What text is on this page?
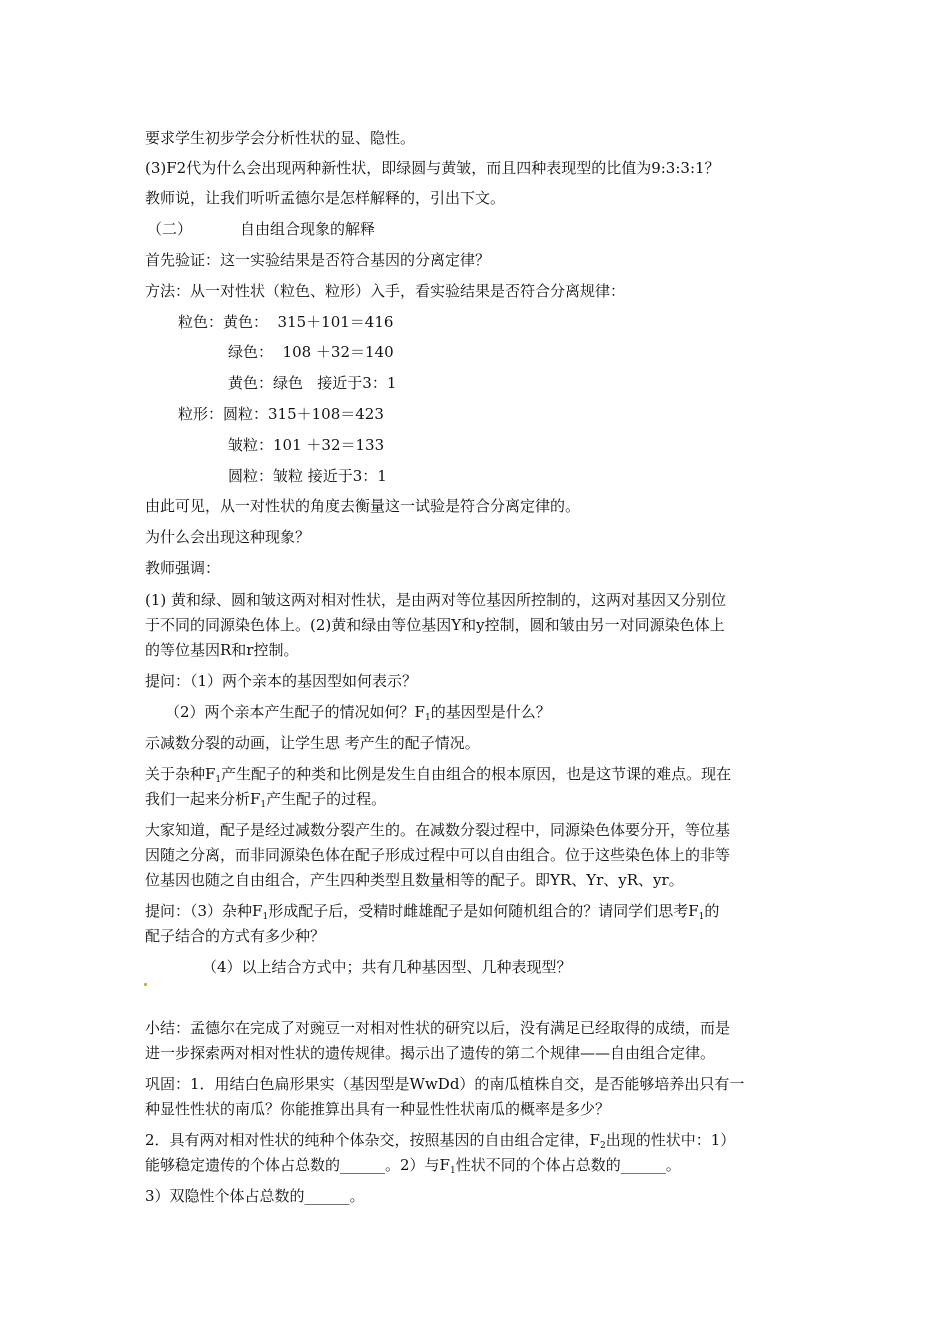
要求学生初步学会分析性状的显、隐性。
(3)F2代为什么会出现两种新性状，即绿圆与黄皱，而且四种表现型的比值为9:3:3:1？
教师说，让我们听听孟德尔是怎样解释的，引出下文。
（二）	自由组合现象的解释
首先验证：这一实验结果是否符合基因的分离定律？
方法：从一对性状（粒色、粒形）入手，看实验结果是否符合分离规律：
粒色：黄色：  315＋101＝416
绿色：  108 ＋32＝140
黄色：绿色   接近于3：1
粒形：圆粒：315＋108＝423
皱粒：101 ＋32＝133
圆粒：皱粒 接近于3：1
由此可见，从一对性状的角度去衡量这一试验是符合分离定律的。
为什么会出现这种现象？
教师强调：
(1) 黄和绿、圆和皱这两对相对性状，是由两对等位基因所控制的，这两对基因又分别位
于不同的同源染色体上。(2)黄和绿由等位基因Y和y控制，圆和皱由另一对同源染色体上
的等位基因R和r控制。
提问：（1）两个亲本的基因型如何表示？
（2）两个亲本产生配子的情况如何？$F_1$的基因型是什么？
示减数分裂的动画，让学生思 考产生的配子情况。
关于杂种$F_1$产生配子的种类和比例是发生自由组合的根本原因，也是这节课的难点。现在
我们一起来分析$F_1$产生配子的过程。
大家知道，配子是经过减数分裂产生的。在减数分裂过程中，同源染色体要分开，等位基
因随之分离，而非同源染色体在配子形成过程中可以自由组合。位于这些染色体上的非等
位基因也随之自由组合，产生四种类型且数量相等的配子。即YR、Yr、yR、yr。
提问：（3）杂种$F_1$形成配子后，受精时雌雄配子是如何随机组合的？请同学们思考$F_1$的
配子结合的方式有多少种？
（4）以上结合方式中；共有几种基因型、几种表现型？
小结：孟德尔在完成了对豌豆一对相对性状的研究以后，没有满足已经取得的成绩，而是
进一步探索两对相对性状的遗传规律。揭示出了遗传的第二个规律——自由组合定律。
巩固：1．用结白色扁形果实（基因型是WwDd）的南瓜植株自交，是否能够培养出只有一
种显性性状的南瓜？你能推算出具有一种显性性状南瓜的概率是多少？
2．具有两对相对性状的纯种个体杂交，按照基因的自由组合定律，$F_2$出现的性状中：1）
能够稳定遗传的个体占总数的______。2）与$F_1$性状不同的个体占总数的______。
3）双隐性个体占总数的______。
